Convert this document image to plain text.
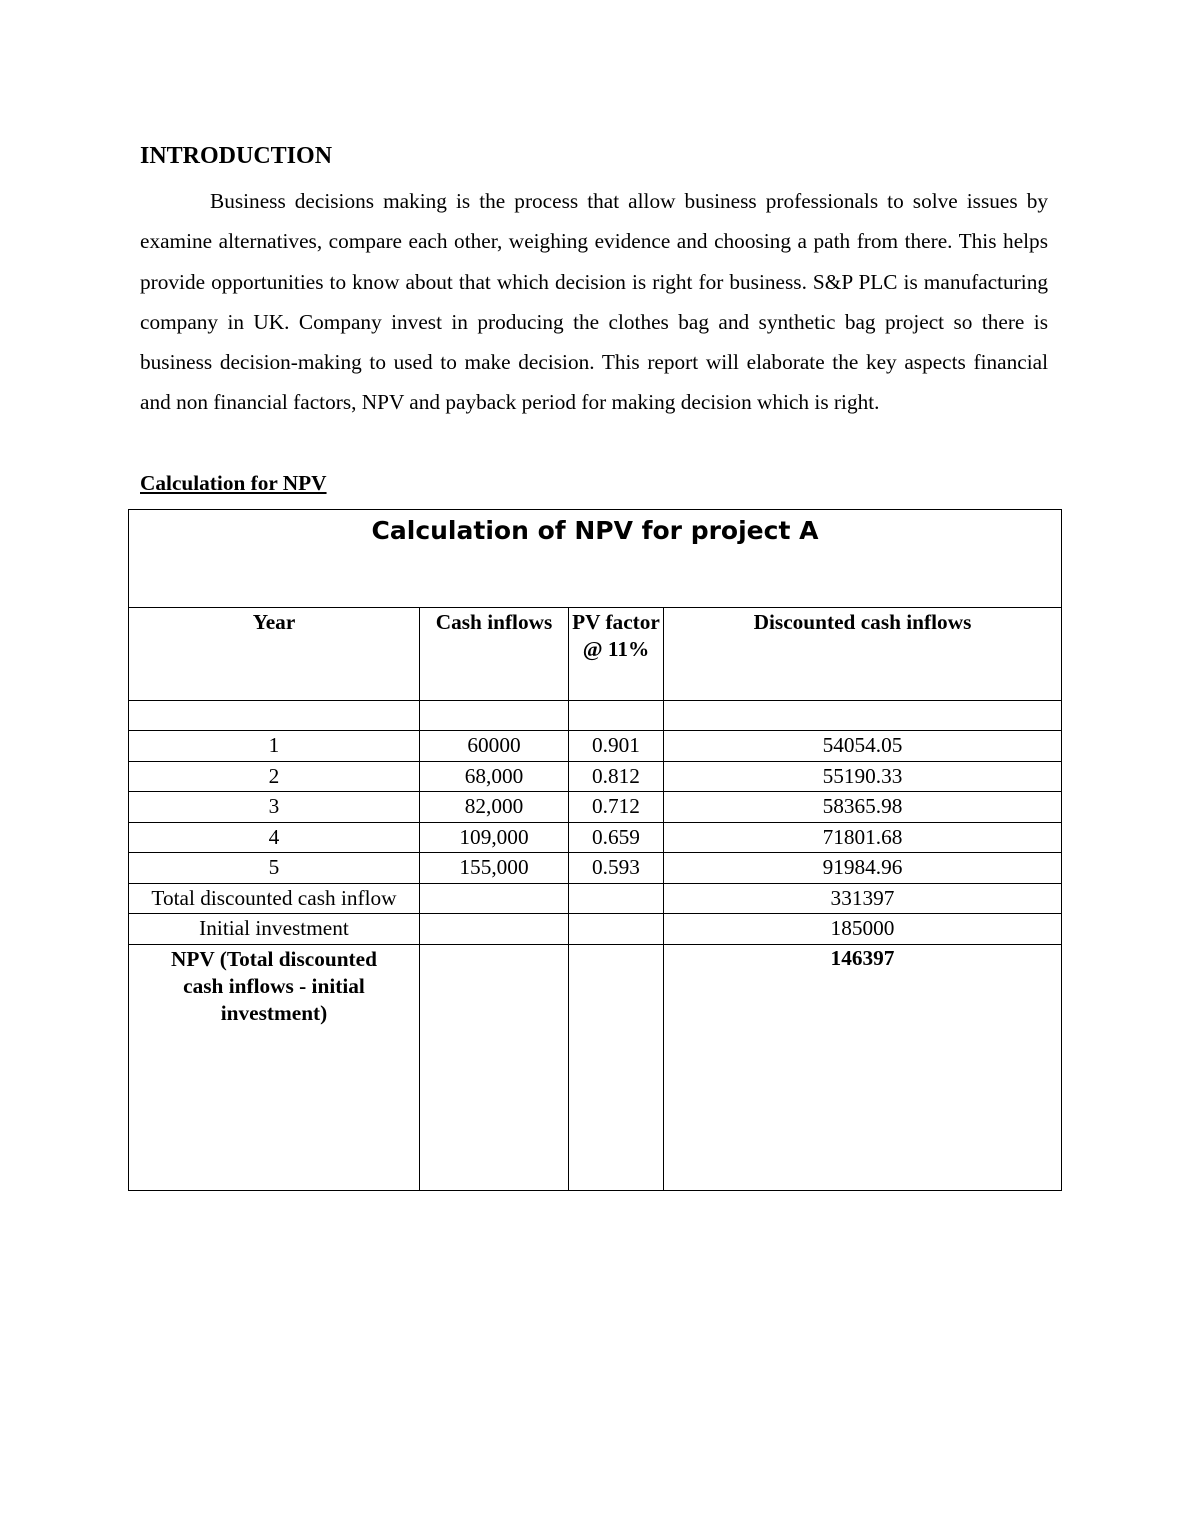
INTRODUCTION

Business decisions making is the process that allow business professionals to solve issues by examine alternatives, compare each other, weighing evidence and choosing a path from there. This helps provide opportunities to know about that which decision is right for business. S&P PLC is manufacturing company in UK. Company invest in producing the clothes bag and synthetic bag project so there is business decision-making to used to make decision. This report will elaborate the key aspects financial and non financial factors, NPV and payback period for making decision which is right.

Calculation for NPV

Calculation of NPV for project A			
Year	Cash inflows	PV factor @ 11%	Discounted cash inflows

1	60000	0.901	54054.05
2	68,000	0.812	55190.33
3	82,000	0.712	58365.98
4	109,000	0.659	71801.68
5	155,000	0.593	91984.96
Total discounted cash inflow			331397
Initial investment			185000
NPV (Total discounted cash inflows - initial investment)			146397
